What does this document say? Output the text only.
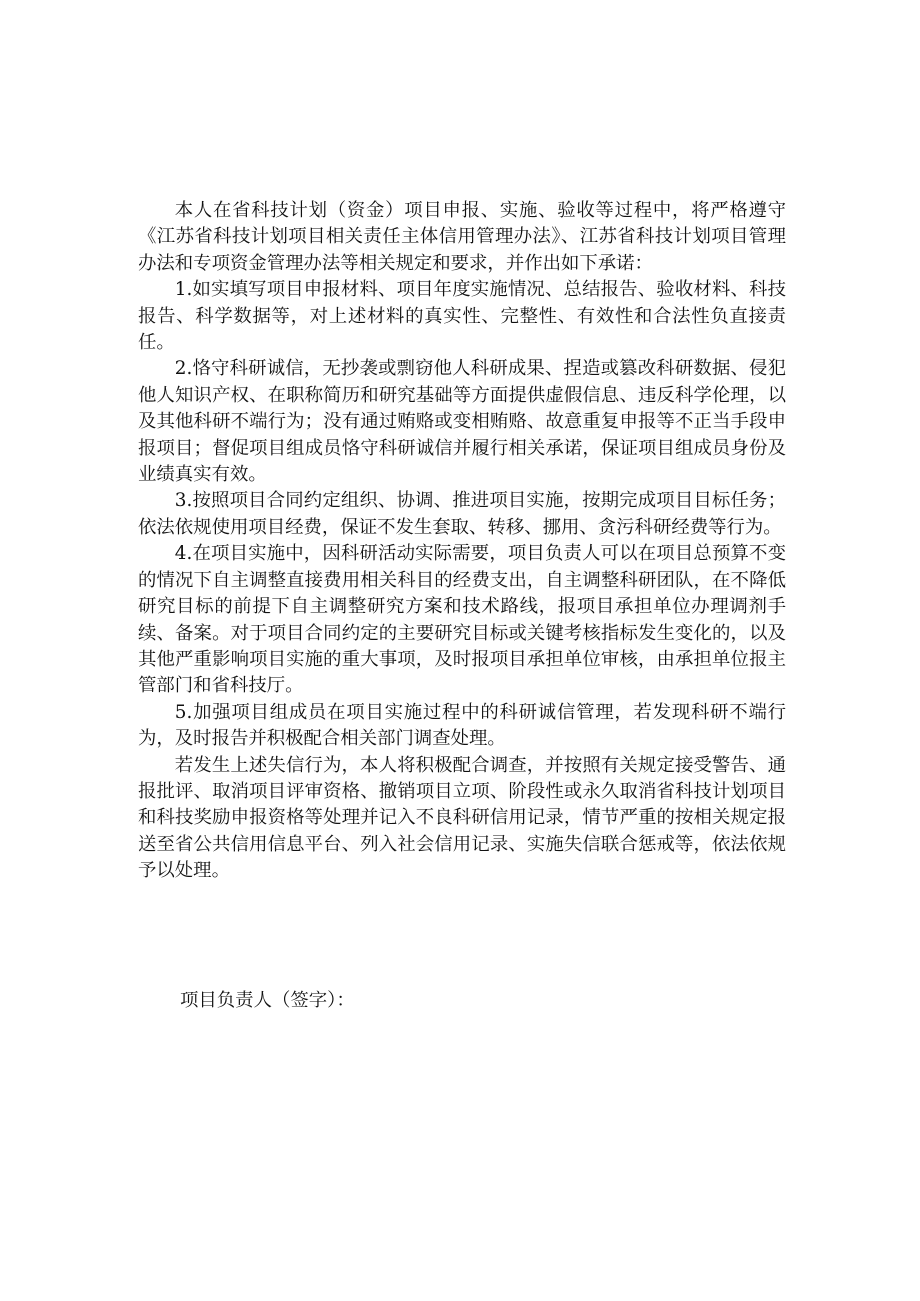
本人在省科技计划（资金）项目申报、实施、验收等过程中，将严格遵守《江苏省科技计划项目相关责任主体信用管理办法》、江苏省科技计划项目管理办法和专项资金管理办法等相关规定和要求，并作出如下承诺：

1.如实填写项目申报材料、项目年度实施情况、总结报告、验收材料、科技报告、科学数据等，对上述材料的真实性、完整性、有效性和合法性负直接责任。

2.恪守科研诚信，无抄袭或剽窃他人科研成果、捏造或篡改科研数据、侵犯他人知识产权、在职称简历和研究基础等方面提供虚假信息、违反科学伦理，以及其他科研不端行为；没有通过贿赂或变相贿赂、故意重复申报等不正当手段申报项目；督促项目组成员恪守科研诚信并履行相关承诺，保证项目组成员身份及业绩真实有效。

3.按照项目合同约定组织、协调、推进项目实施，按期完成项目目标任务；依法依规使用项目经费，保证不发生套取、转移、挪用、贪污科研经费等行为。

4.在项目实施中，因科研活动实际需要，项目负责人可以在项目总预算不变的情况下自主调整直接费用相关科目的经费支出，自主调整科研团队，在不降低研究目标的前提下自主调整研究方案和技术路线，报项目承担单位办理调剂手续、备案。对于项目合同约定的主要研究目标或关键考核指标发生变化的，以及其他严重影响项目实施的重大事项，及时报项目承担单位审核，由承担单位报主管部门和省科技厅。

5.加强项目组成员在项目实施过程中的科研诚信管理，若发现科研不端行为，及时报告并积极配合相关部门调查处理。

若发生上述失信行为，本人将积极配合调查，并按照有关规定接受警告、通报批评、取消项目评审资格、撤销项目立项、阶段性或永久取消省科技计划项目和科技奖励申报资格等处理并记入不良科研信用记录，情节严重的按相关规定报送至省公共信用信息平台、列入社会信用记录、实施失信联合惩戒等，依法依规予以处理。

项目负责人（签字）：
